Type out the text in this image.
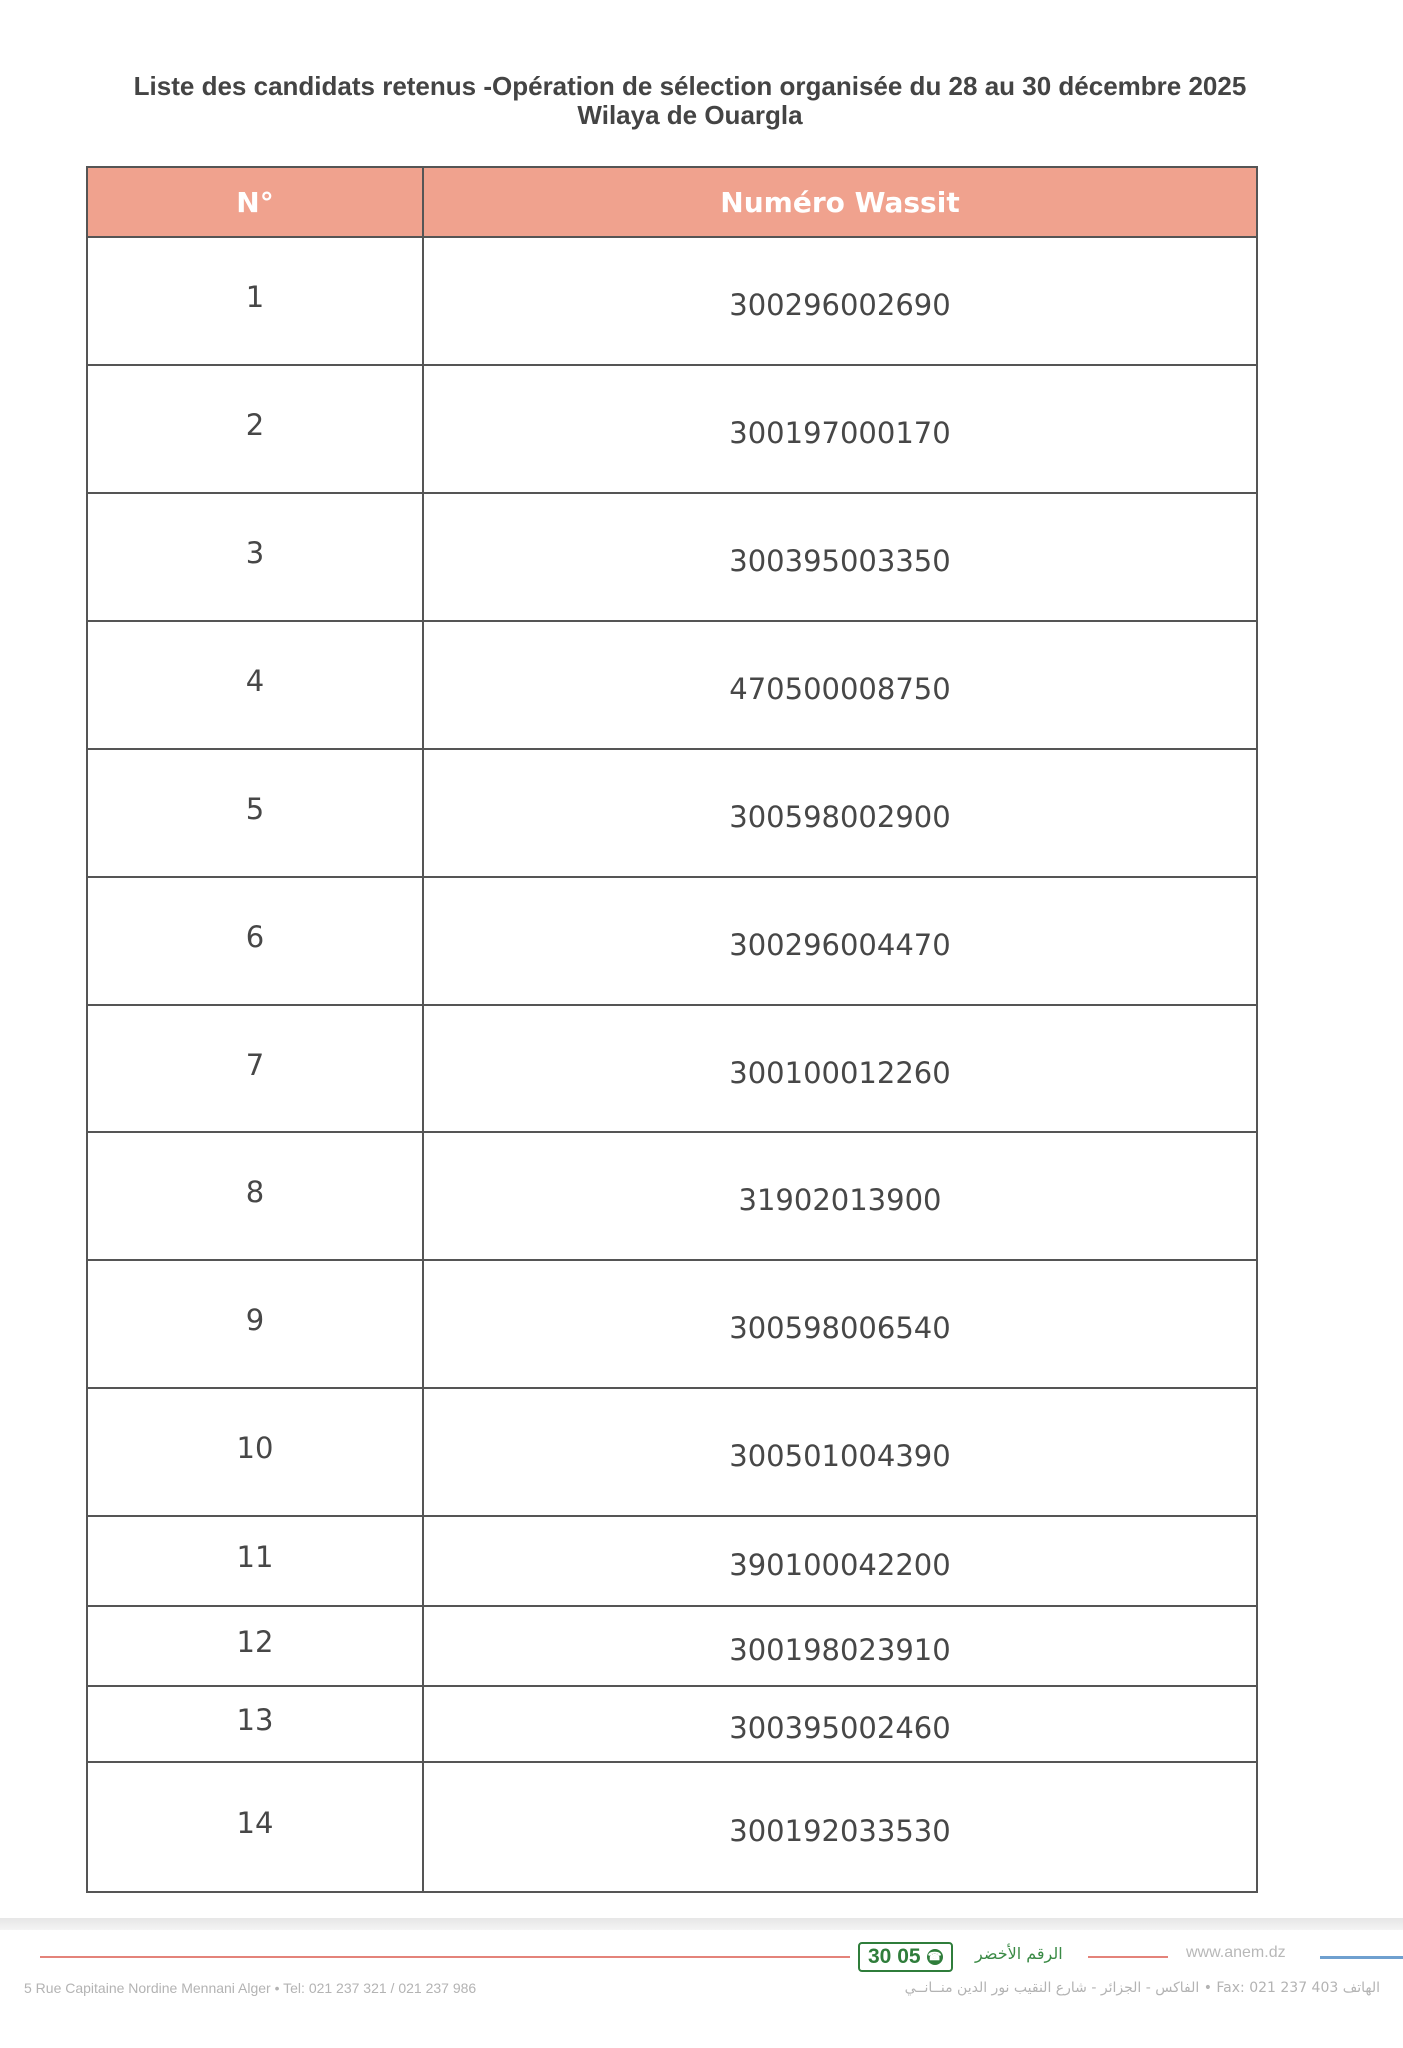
Liste des candidats retenus -Opération de sélection organisée du 28 au 30 décembre 2025
Wilaya de Ouargla
N°	Numéro Wassit
1	300296002690
2	300197000170
3	300395003350
4	470500008750
5	300598002900
6	300296004470
7	300100012260
8	31902013900
9	300598006540
10	300501004390
11	390100042200
12	300198023910
13	300395002460
14	300192033530
30 05 ☎ الرقم الأخضر	www.anem.dz
5 Rue Capitaine Nordine Mennani Alger • Tel: 021 237 321 / 021 237 986	الهاتف Fax: 021 237 403 • الفاكس - الجزائر - شارع النقيب نور الدين منــانــي
